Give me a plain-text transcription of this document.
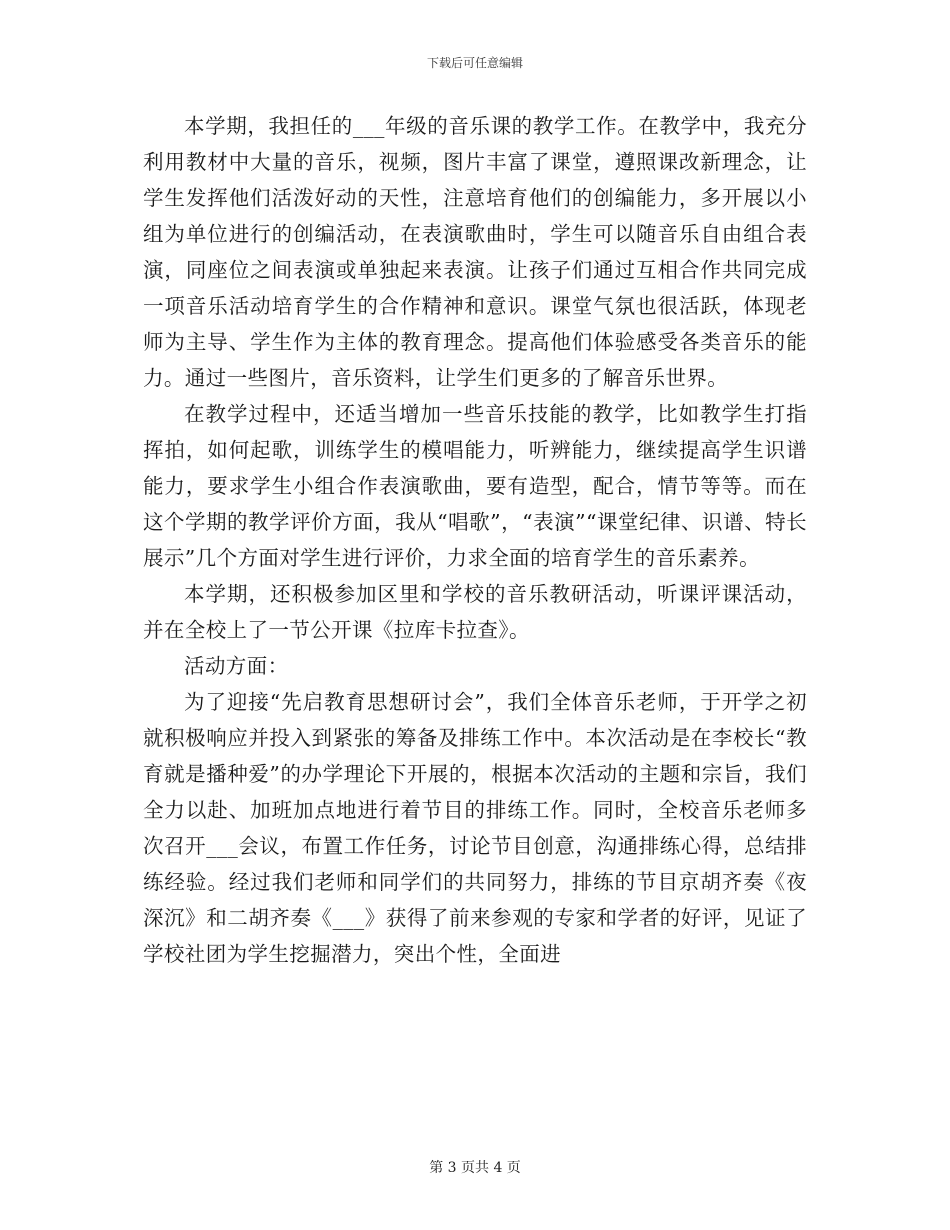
下载后可任意编辑

本学期，我担任的___年级的音乐课的教学工作。在教学中，我充分利用教材中大量的音乐，视频，图片丰富了课堂，遵照课改新理念，让学生发挥他们活泼好动的天性，注意培育他们的创编能力，多开展以小组为单位进行的创编活动，在表演歌曲时，学生可以随音乐自由组合表演，同座位之间表演或单独起来表演。让孩子们通过互相合作共同完成一项音乐活动培育学生的合作精神和意识。课堂气氛也很活跃，体现老师为主导、学生作为主体的教育理念。提高他们体验感受各类音乐的能力。通过一些图片，音乐资料，让学生们更多的了解音乐世界。

在教学过程中，还适当增加一些音乐技能的教学，比如教学生打指挥拍，如何起歌，训练学生的模唱能力，听辨能力，继续提高学生识谱能力，要求学生小组合作表演歌曲，要有造型，配合，情节等等。而在这个学期的教学评价方面，我从“唱歌”，“表演”“课堂纪律、识谱、特长展示”几个方面对学生进行评价，力求全面的培育学生的音乐素养。

本学期，还积极参加区里和学校的音乐教研活动，听课评课活动，并在全校上了一节公开课《拉库卡拉查》。

活动方面：

为了迎接“先启教育思想研讨会”，我们全体音乐老师，于开学之初就积极响应并投入到紧张的筹备及排练工作中。本次活动是在李校长“教育就是播种爱”的办学理论下开展的，根据本次活动的主题和宗旨，我们全力以赴、加班加点地进行着节目的排练工作。同时，全校音乐老师多次召开___会议，布置工作任务，讨论节目创意，沟通排练心得，总结排练经验。经过我们老师和同学们的共同努力，排练的节目京胡齐奏《夜深沉》和二胡齐奏《___》获得了前来参观的专家和学者的好评，见证了学校社团为学生挖掘潜力，突出个性，全面进

第 3 页共 4 页
